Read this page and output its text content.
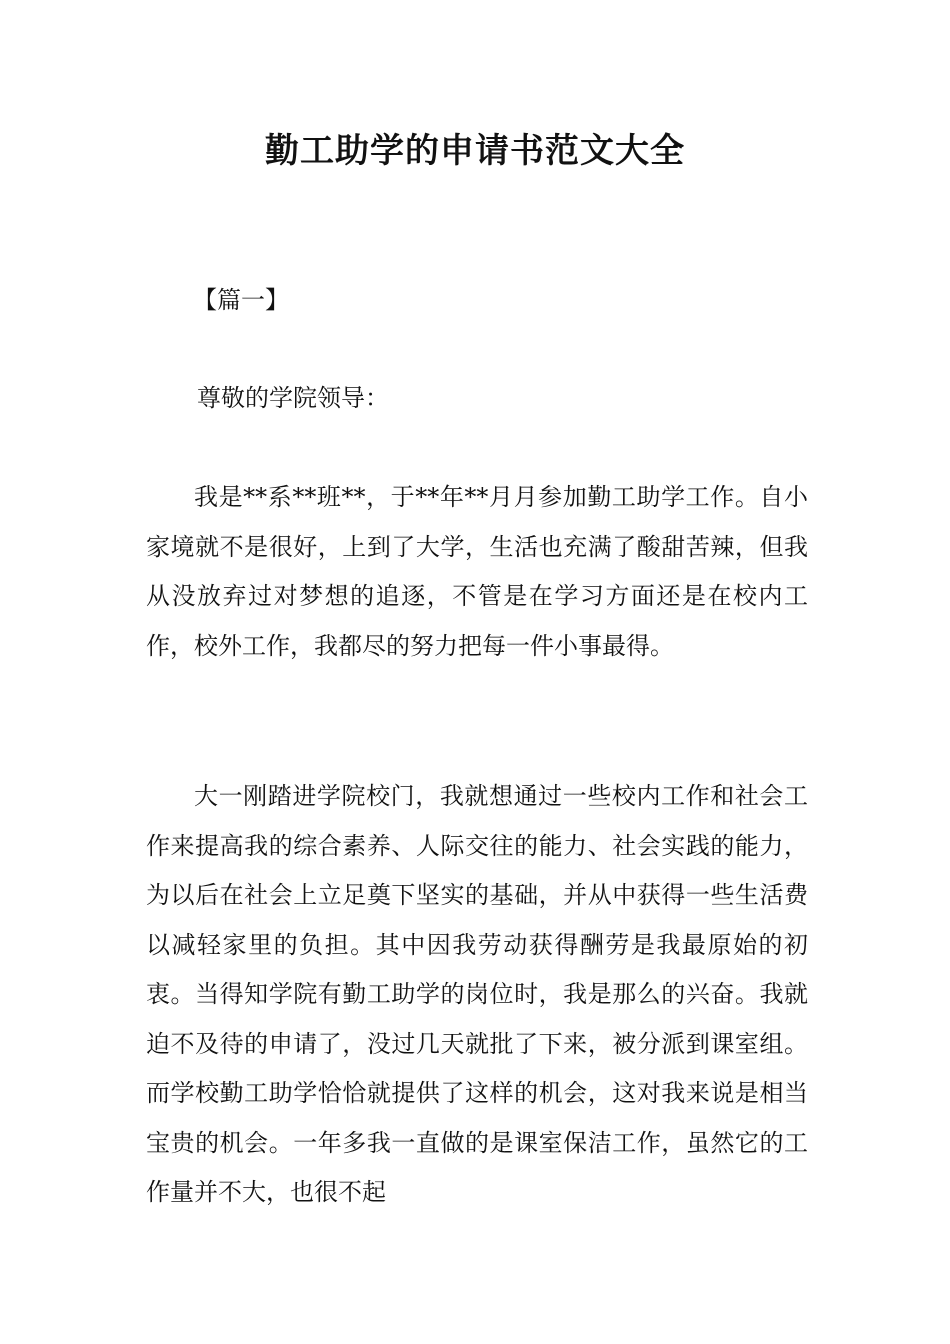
勤工助学的申请书范文大全

【篇一】

尊敬的学院领导：

我是**系**班**，于**年**月月参加勤工助学工作。自小家境就不是很好，上到了大学，生活也充满了酸甜苦辣，但我从没放弃过对梦想的追逐，不管是在学习方面还是在校内工作，校外工作，我都尽的努力把每一件小事最得。

大一刚踏进学院校门，我就想通过一些校内工作和社会工作来提高我的综合素养、人际交往的能力、社会实践的能力，为以后在社会上立足奠下坚实的基础，并从中获得一些生活费以减轻家里的负担。其中因我劳动获得酬劳是我最原始的初衷。当得知学院有勤工助学的岗位时，我是那么的兴奋。我就迫不及待的申请了，没过几天就批了下来，被分派到课室组。而学校勤工助学恰恰就提供了这样的机会，这对我来说是相当宝贵的机会。一年多我一直做的是课室保洁工作，虽然它的工作量并不大，也很不起
